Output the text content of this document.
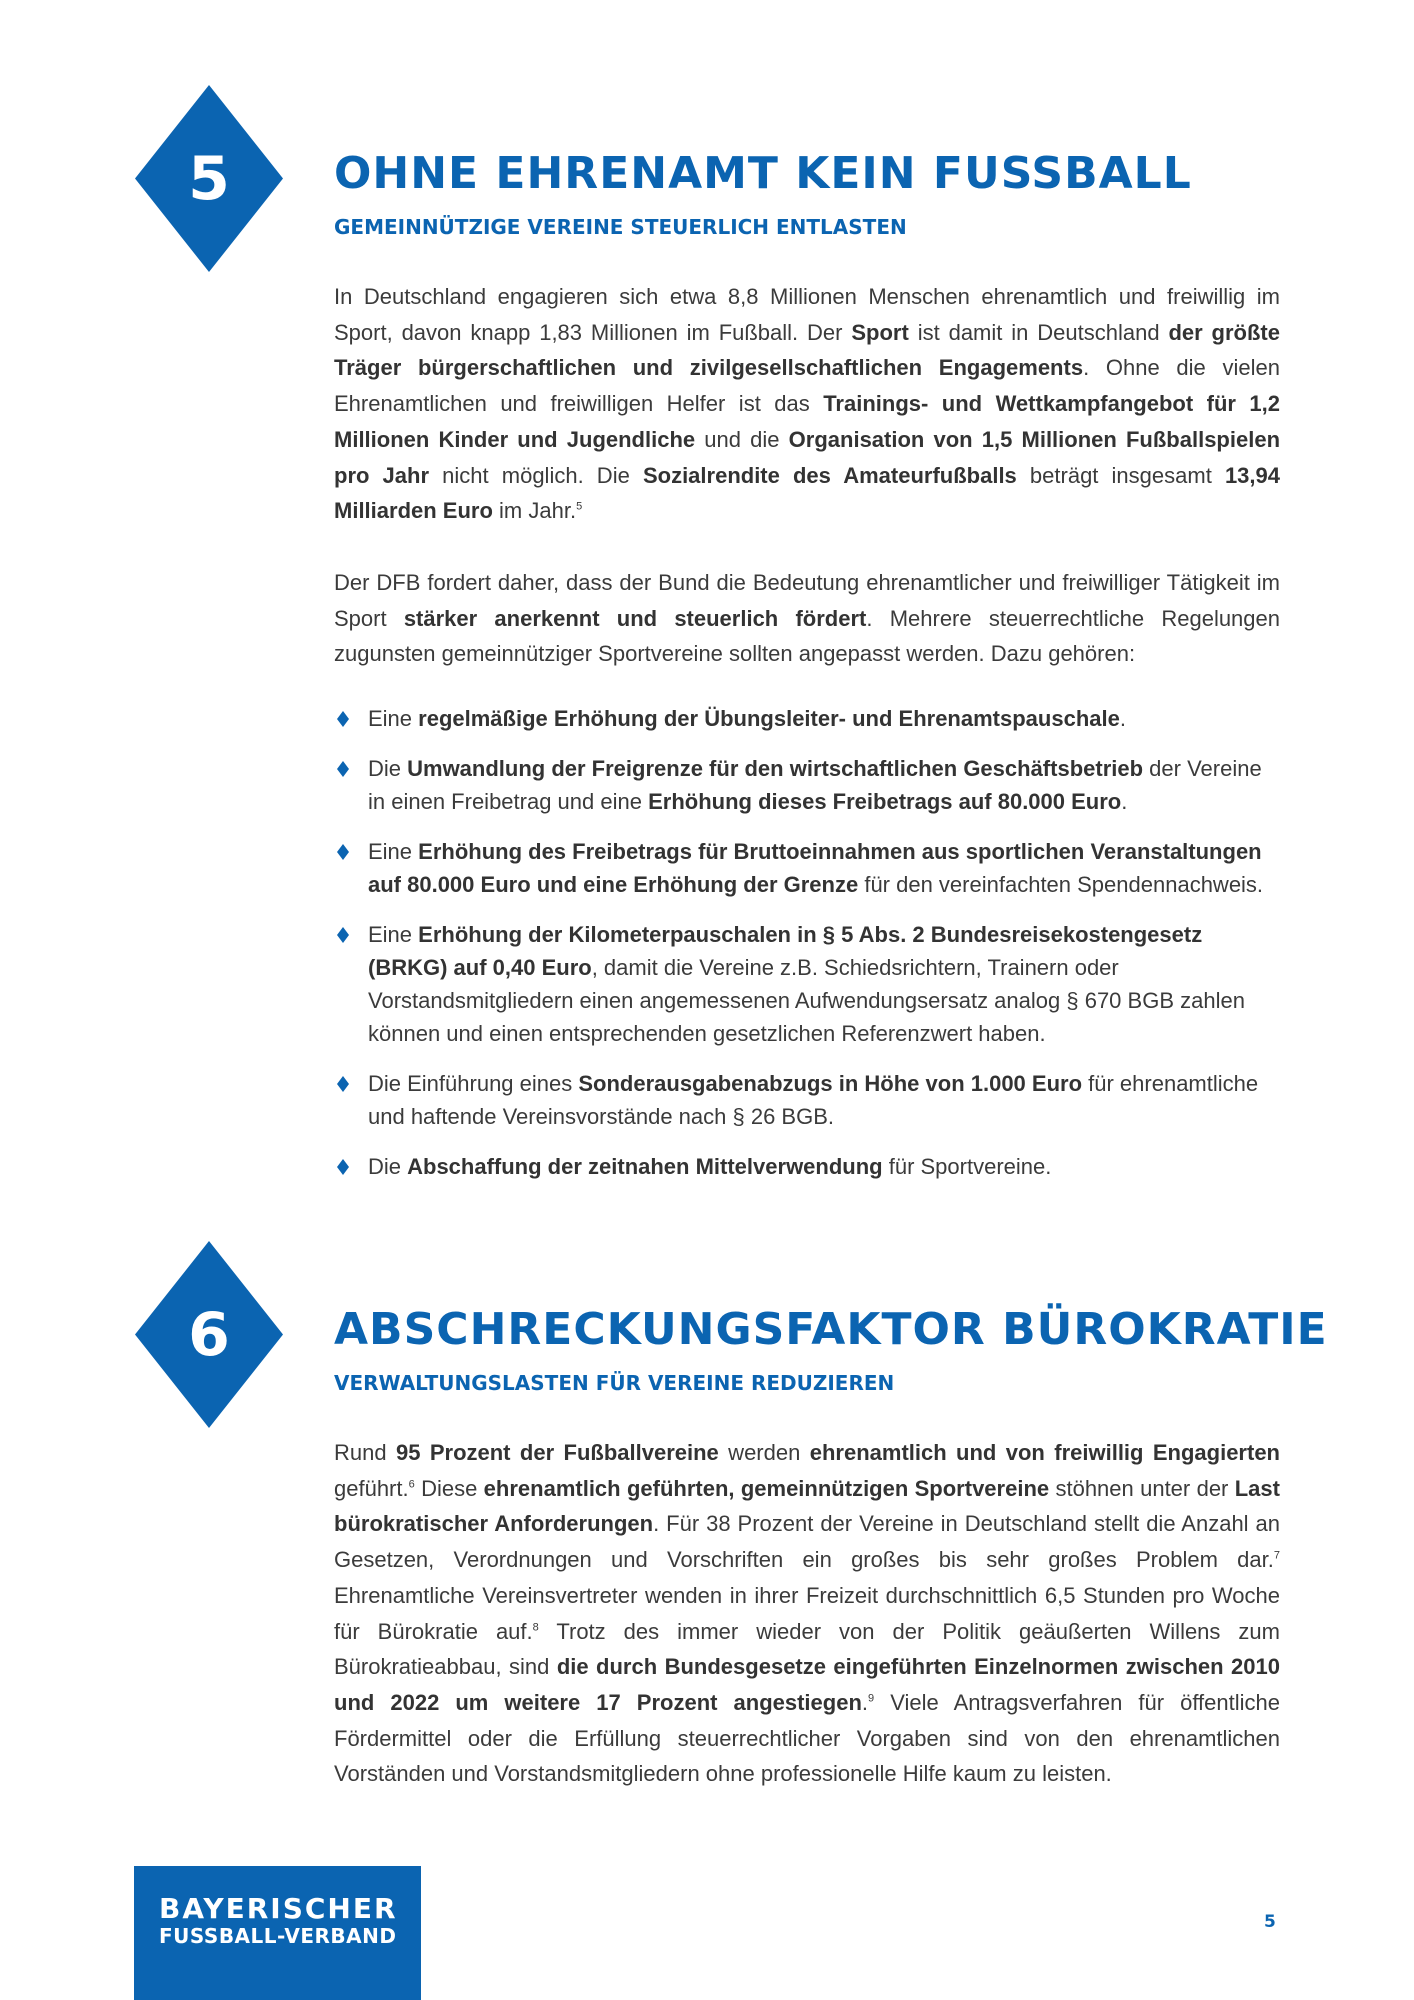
5	OHNE EHRENAMT KEIN FUSSBALL
GEMEINNÜTZIGE VEREINE STEUERLICH ENTLASTEN
In Deutschland engagieren sich etwa 8,8 Millionen Menschen ehrenamtlich und freiwillig im Sport, davon knapp 1,83 Millionen im Fußball. Der Sport ist damit in Deutschland der größte Träger bürgerschaftlichen und zivilgesellschaftlichen Engagements. Ohne die vielen Ehrenamtlichen und freiwilligen Helfer ist das Trainings- und Wettkampfangebot für 1,2 Millionen Kinder und Jugendliche und die Organisation von 1,5 Millionen Fußballspielen pro Jahr nicht möglich. Die Sozialrendite des Amateurfußballs beträgt insgesamt 13,94 Milliarden Euro im Jahr.$^5$
Der DFB fordert daher, dass der Bund die Bedeutung ehrenamtlicher und freiwilliger Tätigkeit im Sport stärker anerkennt und steuerlich fördert. Mehrere steuerrechtliche Regelungen zugunsten gemeinnütziger Sportvereine sollten angepasst werden. Dazu gehören:
Eine regelmäßige Erhöhung der Übungsleiter- und Ehrenamtspauschale.
Die Umwandlung der Freigrenze für den wirtschaftlichen Geschäftsbetrieb der Vereine in einen Freibetrag und eine Erhöhung dieses Freibetrags auf 80.000 Euro.
Eine Erhöhung des Freibetrags für Bruttoeinnahmen aus sportlichen Veranstaltungen auf 80.000 Euro und eine Erhöhung der Grenze für den vereinfachten Spendennachweis.
Eine Erhöhung der Kilometerpauschalen in § 5 Abs. 2 Bundesreisekostengesetz (BRKG) auf 0,40 Euro, damit die Vereine z.B. Schiedsrichtern, Trainern oder Vorstandsmitgliedern einen angemessenen Aufwendungsersatz analog § 670 BGB zahlen können und einen entsprechenden gesetzlichen Referenzwert haben.
Die Einführung eines Sonderausgabenabzugs in Höhe von 1.000 Euro für ehrenamtliche und haftende Vereinsvorstände nach § 26 BGB.
Die Abschaffung der zeitnahen Mittelverwendung für Sportvereine.
6	ABSCHRECKUNGSFAKTOR BÜROKRATIE
VERWALTUNGSLASTEN FÜR VEREINE REDUZIEREN
Rund 95 Prozent der Fußballvereine werden ehrenamtlich und von freiwillig Engagierten geführt.$^6$ Diese ehrenamtlich geführten, gemeinnützigen Sportvereine stöhnen unter der Last bürokratischer Anforderungen. Für 38 Prozent der Vereine in Deutschland stellt die Anzahl an Gesetzen, Verordnungen und Vorschriften ein großes bis sehr großes Problem dar.$^7$ Ehrenamtliche Vereinsvertreter wenden in ihrer Freizeit durchschnittlich 6,5 Stunden pro Woche für Bürokratie auf.$^8$ Trotz des immer wieder von der Politik geäußerten Willens zum Bürokratieabbau, sind die durch Bundesgesetze eingeführten Einzelnormen zwischen 2010 und 2022 um weitere 17 Prozent angestiegen.$^9$ Viele Antragsverfahren für öffentliche Fördermittel oder die Erfüllung steuerrechtlicher Vorgaben sind von den ehrenamtlichen Vorständen und Vorstandsmitgliedern ohne professionelle Hilfe kaum zu leisten.
BAYERISCHER
FUSSBALL-VERBAND
5
